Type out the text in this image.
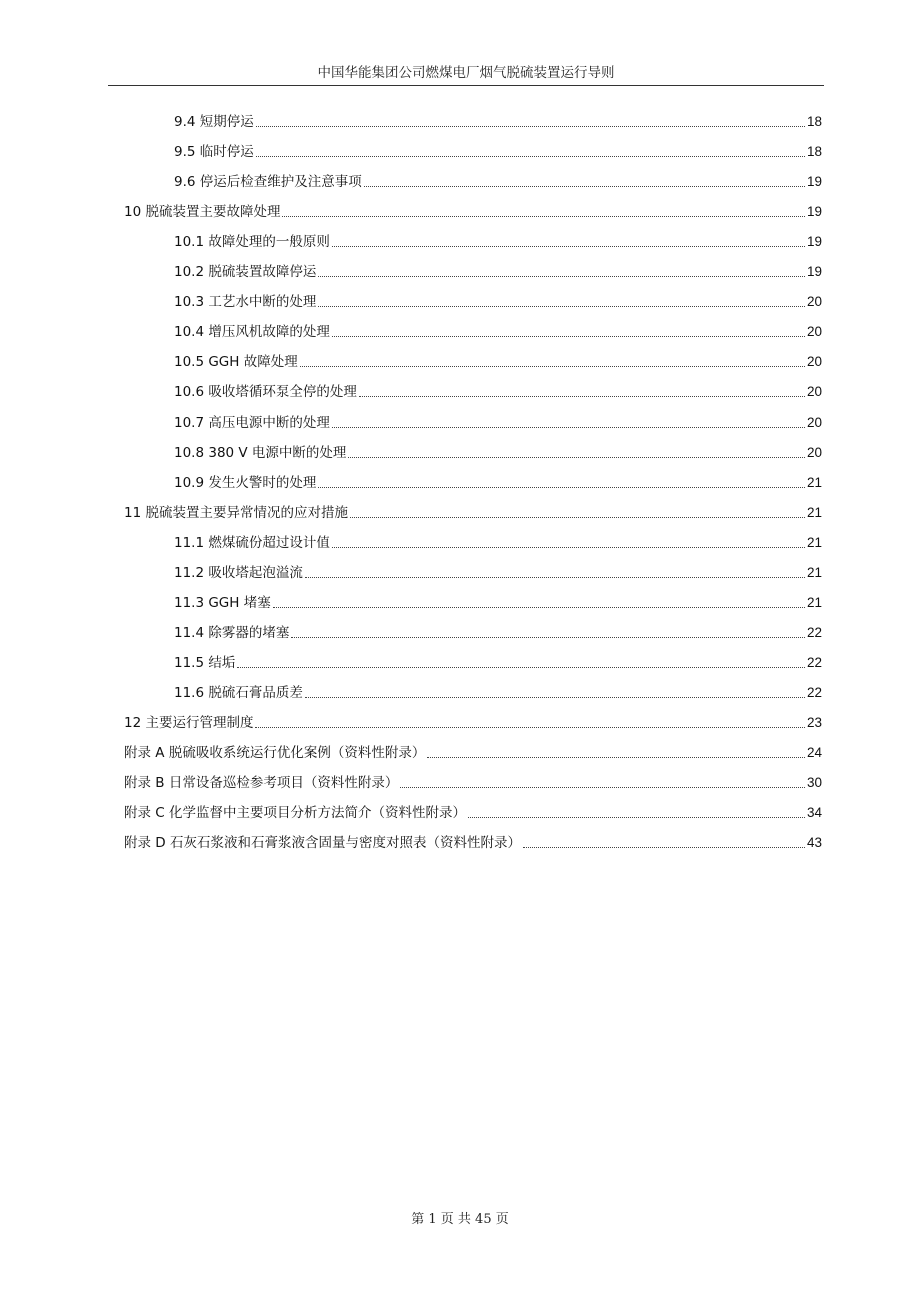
中国华能集团公司燃煤电厂烟气脱硫装置运行导则
9.4 短期停运	18
9.5 临时停运	18
9.6 停运后检查维护及注意事项	19
10 脱硫装置主要故障处理	19
10.1 故障处理的一般原则	19
10.2 脱硫装置故障停运	19
10.3 工艺水中断的处理	20
10.4 增压风机故障的处理	20
10.5 GGH 故障处理	20
10.6 吸收塔循环泵全停的处理	20
10.7 高压电源中断的处理	20
10.8 380 V 电源中断的处理	20
10.9 发生火警时的处理	21
11 脱硫装置主要异常情况的应对措施	21
11.1 燃煤硫份超过设计值	21
11.2 吸收塔起泡溢流	21
11.3 GGH 堵塞	21
11.4 除雾器的堵塞	22
11.5 结垢	22
11.6 脱硫石膏品质差	22
12 主要运行管理制度	23
附录 A 脱硫吸收系统运行优化案例（资料性附录）	24
附录 B 日常设备巡检参考项目（资料性附录）	30
附录 C 化学监督中主要项目分析方法简介（资料性附录）	34
附录 D 石灰石浆液和石膏浆液含固量与密度对照表（资料性附录）	43
第 1 页 共 45 页
